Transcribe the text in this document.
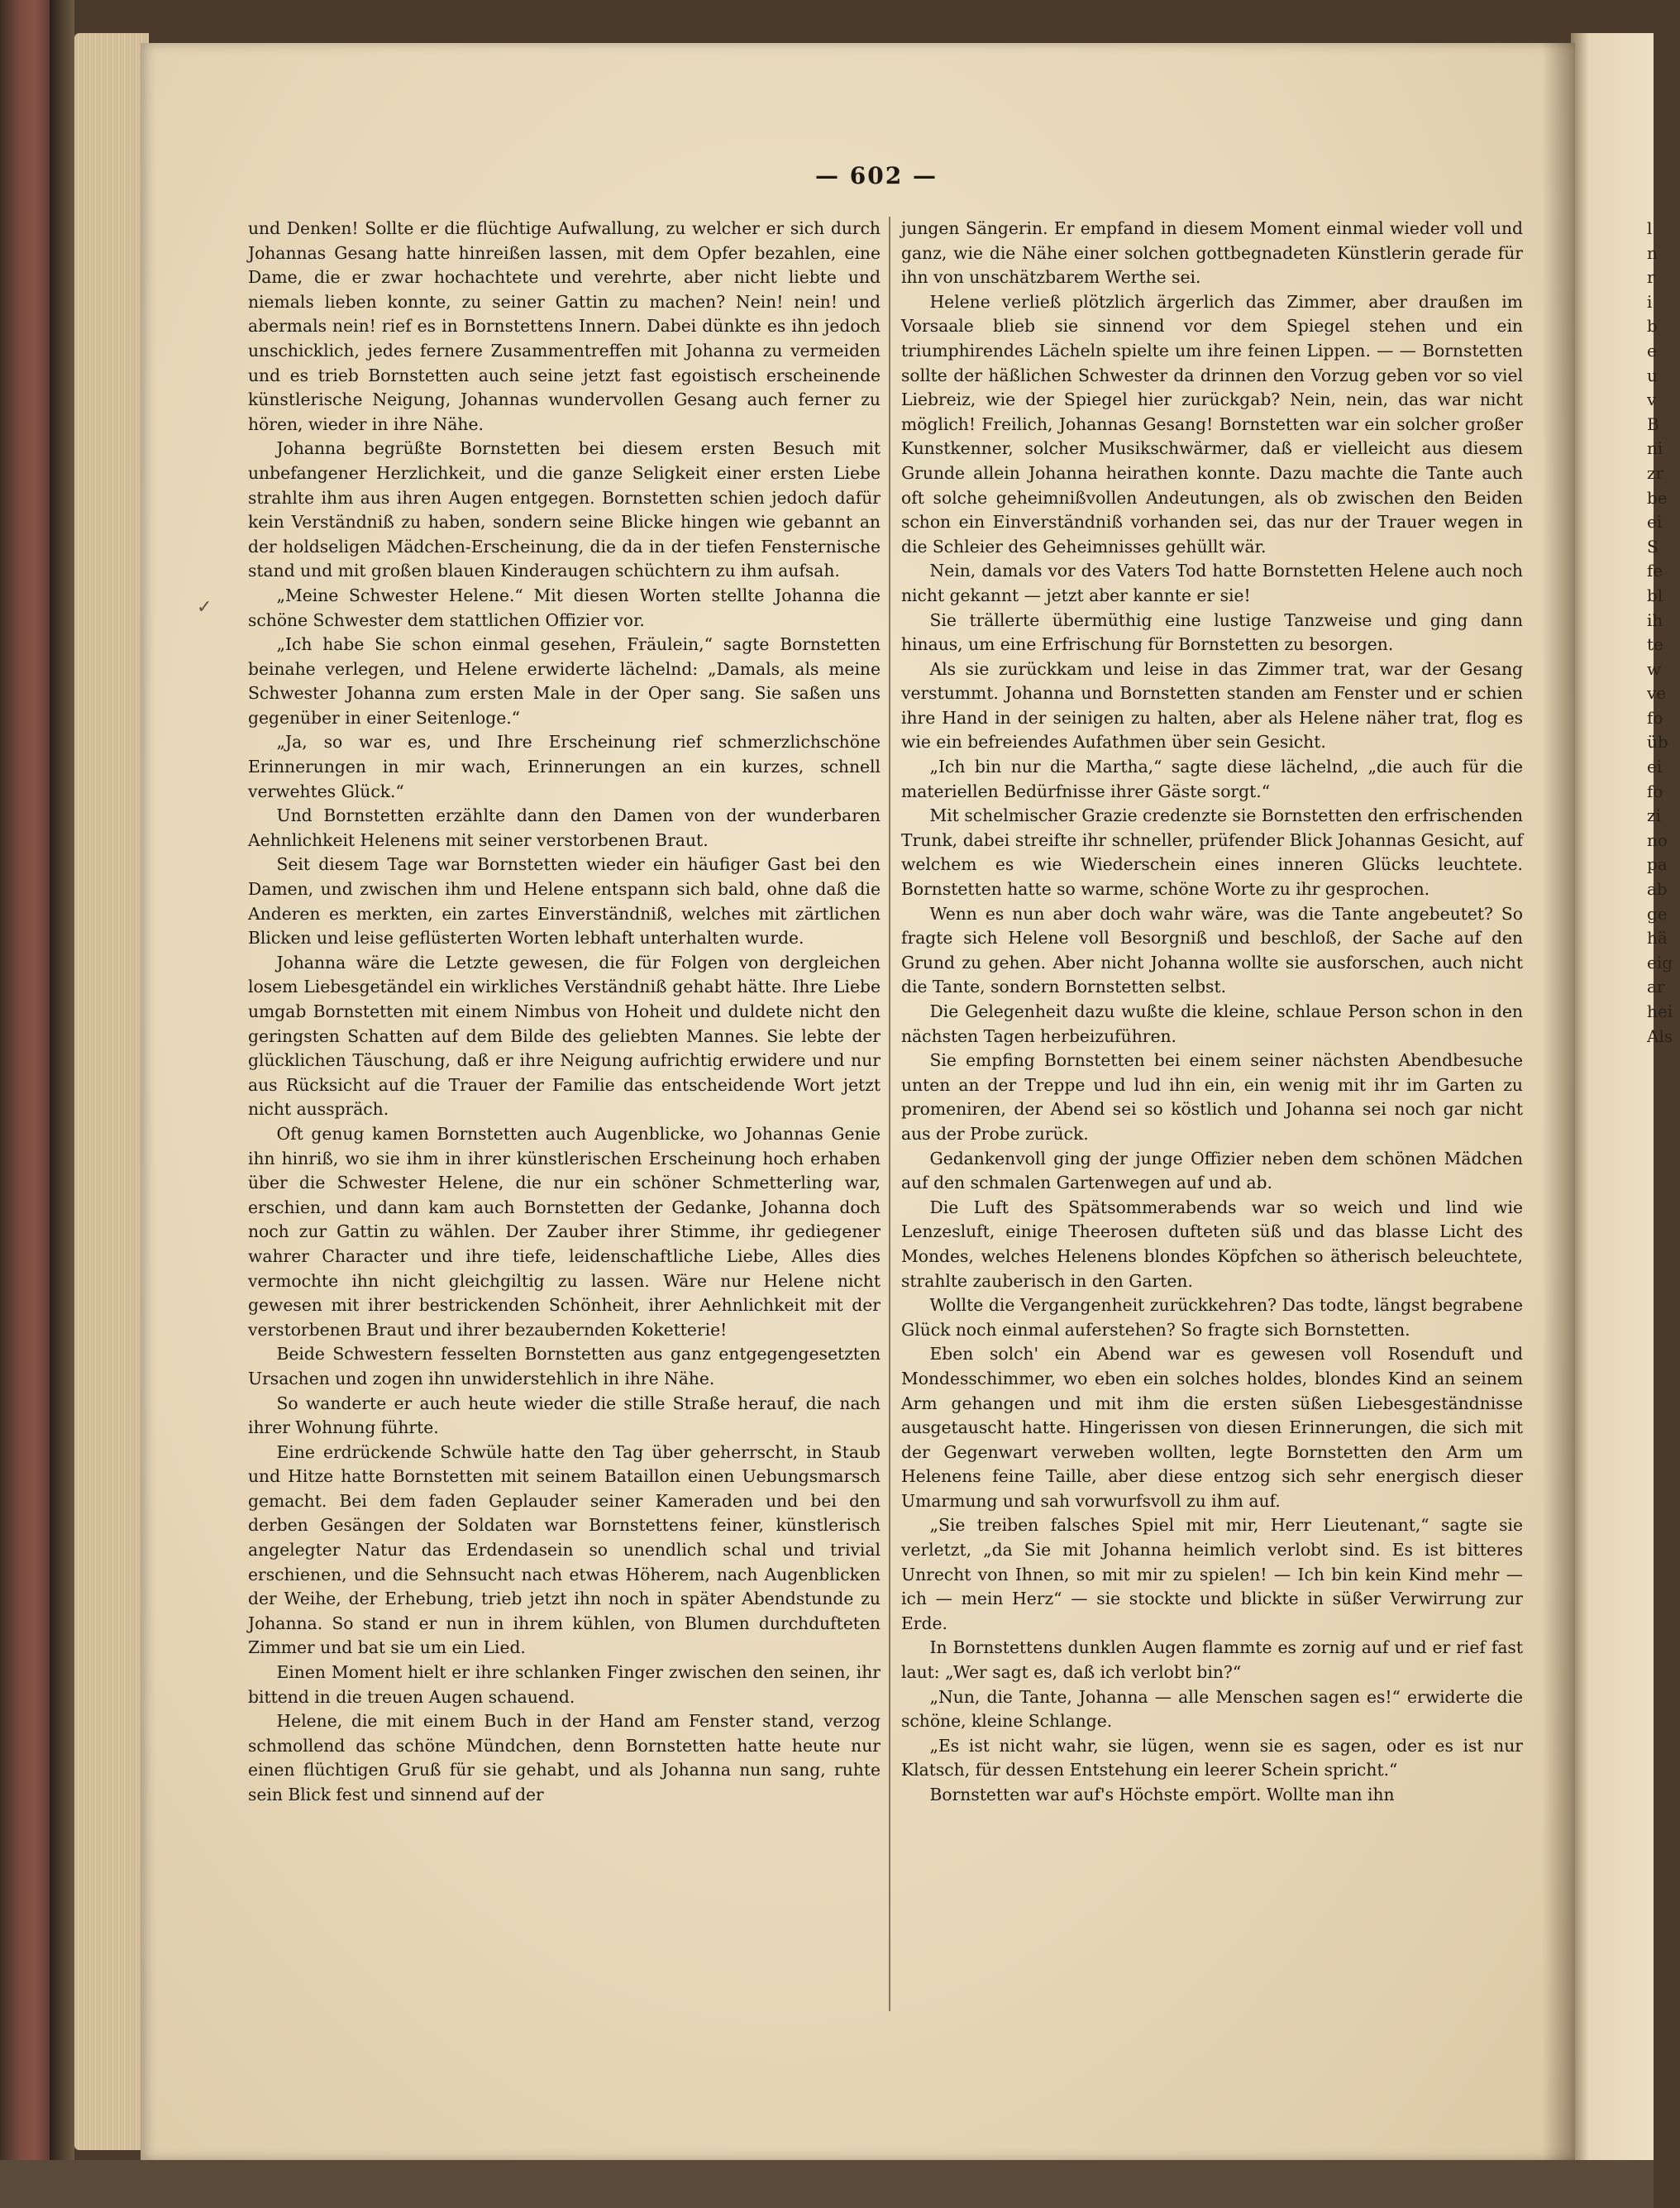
— 602 —

und Denken! Sollte er die flüchtige Aufwallung, zu welcher er sich durch Johannas Gesang hatte hinreißen lassen, mit dem Opfer bezahlen, eine Dame, die er zwar hochachtete und verehrte, aber nicht liebte und niemals lieben konnte, zu seiner Gattin zu machen? Nein! nein! und abermals nein! rief es in Bornstettens Innern. Dabei dünkte es ihn jedoch unschicklich, jedes fernere Zusammentreffen mit Johanna zu vermeiden und es trieb Bornstetten auch seine jetzt fast egoistisch erscheinende künstlerische Neigung, Johannas wundervollen Gesang auch ferner zu hören, wieder in ihre Nähe.

Johanna begrüßte Bornstetten bei diesem ersten Besuch mit unbefangener Herzlichkeit, und die ganze Seligkeit einer ersten Liebe strahlte ihm aus ihren Augen entgegen. Bornstetten schien jedoch dafür kein Verständniß zu haben, sondern seine Blicke hingen wie gebannt an der holdseligen Mädchen-Erscheinung, die da in der tiefen Fensternische stand und mit großen blauen Kinderaugen schüchtern zu ihm aufsah.

„Meine Schwester Helene.“ Mit diesen Worten stellte Johanna die schöne Schwester dem stattlichen Offizier vor.

„Ich habe Sie schon einmal gesehen, Fräulein,“ sagte Bornstetten beinahe verlegen, und Helene erwiderte lächelnd: „Damals, als meine Schwester Johanna zum ersten Male in der Oper sang. Sie saßen uns gegenüber in einer Seitenloge.“

„Ja, so war es, und Ihre Erscheinung rief schmerzlichschöne Erinnerungen in mir wach, Erinnerungen an ein kurzes, schnell verwehtes Glück.“

Und Bornstetten erzählte dann den Damen von der wunderbaren Aehnlichkeit Helenens mit seiner verstorbenen Braut.

Seit diesem Tage war Bornstetten wieder ein häufiger Gast bei den Damen, und zwischen ihm und Helene entspann sich bald, ohne daß die Anderen es merkten, ein zartes Einverständniß, welches mit zärtlichen Blicken und leise geflüsterten Worten lebhaft unterhalten wurde.

Johanna wäre die Letzte gewesen, die für Folgen von dergleichen losem Liebesgetändel ein wirkliches Verständniß gehabt hätte. Ihre Liebe umgab Bornstetten mit einem Nimbus von Hoheit und duldete nicht den geringsten Schatten auf dem Bilde des geliebten Mannes. Sie lebte der glücklichen Täuschung, daß er ihre Neigung aufrichtig erwidere und nur aus Rücksicht auf die Trauer der Familie das entscheidende Wort jetzt nicht ausspräch.

Oft genug kamen Bornstetten auch Augenblicke, wo Johannas Genie ihn hinriß, wo sie ihm in ihrer künstlerischen Erscheinung hoch erhaben über die Schwester Helene, die nur ein schöner Schmetterling war, erschien, und dann kam auch Bornstetten der Gedanke, Johanna doch noch zur Gattin zu wählen. Der Zauber ihrer Stimme, ihr gediegener wahrer Character und ihre tiefe, leidenschaftliche Liebe, Alles dies vermochte ihn nicht gleichgiltig zu lassen. Wäre nur Helene nicht gewesen mit ihrer bestrickenden Schönheit, ihrer Aehnlichkeit mit der verstorbenen Braut und ihrer bezaubernden Koketterie!

Beide Schwestern fesselten Bornstetten aus ganz entgegengesetzten Ursachen und zogen ihn unwiderstehlich in ihre Nähe.

So wanderte er auch heute wieder die stille Straße herauf, die nach ihrer Wohnung führte.

Eine erdrückende Schwüle hatte den Tag über geherrscht, in Staub und Hitze hatte Bornstetten mit seinem Bataillon einen Uebungsmarsch gemacht. Bei dem faden Geplauder seiner Kameraden und bei den derben Gesängen der Soldaten war Bornstettens feiner, künstlerisch angelegter Natur das Erdendasein so unendlich schal und trivial erschienen, und die Sehnsucht nach etwas Höherem, nach Augenblicken der Weihe, der Erhebung, trieb jetzt ihn noch in später Abendstunde zu Johanna. So stand er nun in ihrem kühlen, von Blumen durchdufteten Zimmer und bat sie um ein Lied.

Einen Moment hielt er ihre schlanken Finger zwischen den seinen, ihr bittend in die treuen Augen schauend.

Helene, die mit einem Buch in der Hand am Fenster stand, verzog schmollend das schöne Mündchen, denn Bornstetten hatte heute nur einen flüchtigen Gruß für sie gehabt, und als Johanna nun sang, ruhte sein Blick fest und sinnend auf der

jungen Sängerin. Er empfand in diesem Moment einmal wieder voll und ganz, wie die Nähe einer solchen gottbegnadeten Künstlerin gerade für ihn von unschätzbarem Werthe sei.

Helene verließ plötzlich ärgerlich das Zimmer, aber draußen im Vorsaale blieb sie sinnend vor dem Spiegel stehen und ein triumphirendes Lächeln spielte um ihre feinen Lippen. — — Bornstetten sollte der häßlichen Schwester da drinnen den Vorzug geben vor so viel Liebreiz, wie der Spiegel hier zurückgab? Nein, nein, das war nicht möglich! Freilich, Johannas Gesang! Bornstetten war ein solcher großer Kunstkenner, solcher Musikschwärmer, daß er vielleicht aus diesem Grunde allein Johanna heirathen konnte. Dazu machte die Tante auch oft solche geheimnißvollen Andeutungen, als ob zwischen den Beiden schon ein Einverständniß vorhanden sei, das nur der Trauer wegen in die Schleier des Geheimnisses gehüllt wär.

Nein, damals vor des Vaters Tod hatte Bornstetten Helene auch noch nicht gekannt — jetzt aber kannte er sie!

Sie trällerte übermüthig eine lustige Tanzweise und ging dann hinaus, um eine Erfrischung für Bornstetten zu besorgen.

Als sie zurückkam und leise in das Zimmer trat, war der Gesang verstummt. Johanna und Bornstetten standen am Fenster und er schien ihre Hand in der seinigen zu halten, aber als Helene näher trat, flog es wie ein befreiendes Aufathmen über sein Gesicht.

„Ich bin nur die Martha,“ sagte diese lächelnd, „die auch für die materiellen Bedürfnisse ihrer Gäste sorgt.“

Mit schelmischer Grazie credenzte sie Bornstetten den erfrischenden Trunk, dabei streifte ihr schneller, prüfender Blick Johannas Gesicht, auf welchem es wie Wiederschein eines inneren Glücks leuchtete. Bornstetten hatte so warme, schöne Worte zu ihr gesprochen.

Wenn es nun aber doch wahr wäre, was die Tante angebeutet? So fragte sich Helene voll Besorgniß und beschloß, der Sache auf den Grund zu gehen. Aber nicht Johanna wollte sie ausforschen, auch nicht die Tante, sondern Bornstetten selbst.

Die Gelegenheit dazu wußte die kleine, schlaue Person schon in den nächsten Tagen herbeizuführen.

Sie empfing Bornstetten bei einem seiner nächsten Abendbesuche unten an der Treppe und lud ihn ein, ein wenig mit ihr im Garten zu promeniren, der Abend sei so köstlich und Johanna sei noch gar nicht aus der Probe zurück.

Gedankenvoll ging der junge Offizier neben dem schönen Mädchen auf den schmalen Gartenwegen auf und ab.

Die Luft des Spätsommerabends war so weich und lind wie Lenzesluft, einige Theerosen dufteten süß und das blasse Licht des Mondes, welches Helenens blondes Köpfchen so ätherisch beleuchtete, strahlte zauberisch in den Garten.

Wollte die Vergangenheit zurückkehren? Das todte, längst begrabene Glück noch einmal auferstehen? So fragte sich Bornstetten.

Eben solch' ein Abend war es gewesen voll Rosenduft und Mondesschimmer, wo eben ein solches holdes, blondes Kind an seinem Arm gehangen und mit ihm die ersten süßen Liebesgeständnisse ausgetauscht hatte. Hingerissen von diesen Erinnerungen, die sich mit der Gegenwart verweben wollten, legte Bornstetten den Arm um Helenens feine Taille, aber diese entzog sich sehr energisch dieser Umarmung und sah vorwurfsvoll zu ihm auf.

„Sie treiben falsches Spiel mit mir, Herr Lieutenant,“ sagte sie verletzt, „da Sie mit Johanna heimlich verlobt sind. Es ist bitteres Unrecht von Ihnen, so mit mir zu spielen! — Ich bin kein Kind mehr — ich — mein Herz“ — sie stockte und blickte in süßer Verwirrung zur Erde.

In Bornstettens dunklen Augen flammte es zornig auf und er rief fast laut: „Wer sagt es, daß ich verlobt bin?“

„Nun, die Tante, Johanna — alle Menschen sagen es!“ erwiderte die schöne, kleine Schlange.

„Es ist nicht wahr, sie lügen, wenn sie es sagen, oder es ist nur Klatsch, für dessen Entstehung ein leerer Schein spricht.“

Bornstetten war auf's Höchste empört. Wollte man ihn

l
n
r
i
b
e
u
v
B
ni
zr
be
ei
S
fe
bl
ih
te
w
ve
fo
üb
ei
fo
zi
no
pa
ab
ge
hä
eig
ar
hei
Als
✓
